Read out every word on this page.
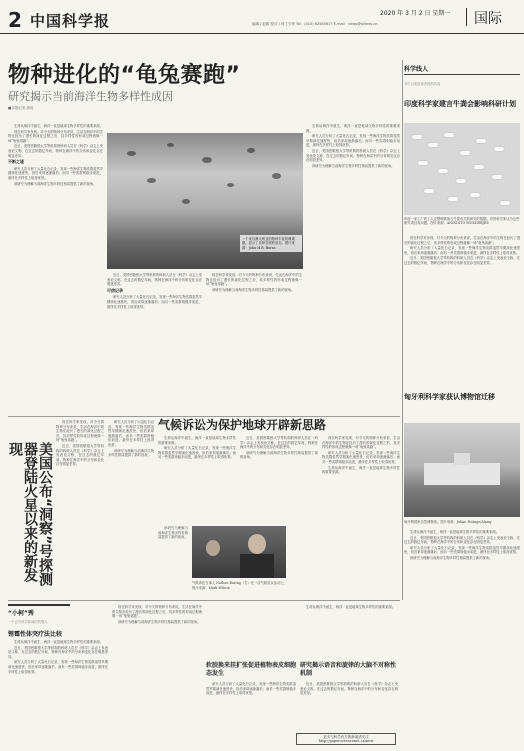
2 中国科学报	编辑 / 赵路 校对 / 何工少等 Tel：(010) 62580617 E-mail：news@stimes.cn
2020 年 3 月 2 日 星期一	国际
物种进化的“龟兔赛跑”
研究揭示当前海洋生物多样性成因
■本报记者 唐凤

生命从海洋中诞生，海洋一直是地球生物多样性的重要来源。

现在科学家发现，对今天的物种分布来说，生活在海洋中的生物在经历了漫长的演化过程之后，其多样性的形成过程就像一场“龟兔赛跑”。

近日，美国密歇根大学等机构的科研人员在《科学》杂志上发表论文称，在过去的数亿年间，物种在海洋中的分布和变化存在明显差异。

不断之谜

研究人员分析了大量化石记录，发现一些海洋生物类群虽然早期演化速度快，但后来却逐渐落后；而另一些类群则稳步前进，最终在多样性上取得优势。

该研究为理解当前海洋生物多样性格局提供了新的视角。

一个来自澳大利亚的物种丰富的珊瑚礁，显示了各种各样的形态。图片来源：John H.R. Burns

近日，美国密歇根大学等机构的科研人员在《科学》杂志上发表论文称，在过去的数亿年间，物种在海洋中的分布和变化存在明显差异。

可信记录

研究人员分析了大量化石记录，发现一些海洋生物类群虽然早期演化速度快，但后来却逐渐落后；而另一些类群则稳步前进，最终在多样性上取得优势。

现在科学家发现，对今天的物种分布来说，生活在海洋中的生物在经历了漫长的演化过程之后，其多样性的形成过程就像一场“龟兔赛跑”。

该研究为理解当前海洋生物多样性格局提供了新的视角。

生命从海洋中诞生，海洋一直是地球生物多样性的重要来源。

研究人员分析了大量化石记录，发现一些海洋生物类群虽然早期演化速度快，但后来却逐渐落后；而另一些类群则稳步前进，最终在多样性上取得优势。

近日，美国密歇根大学等机构的科研人员在《科学》杂志上发表论文称，在过去的数亿年间，物种在海洋中的分布和变化存在明显差异。

该研究为理解当前海洋生物多样性格局提供了新的视角。

科学线人
本栏目欢迎读者提供线索
印度科学家建言牛粪会影响科研计划
印度一家工厂的工人正整理准备与牛粪有关的研究的数据。印度科学家认为这些研究项目有问题。图片来源：ANINDITO MUKHERJEE

现在科学家发现，对今天的物种分布来说，生活在海洋中的生物在经历了漫长的演化过程之后，其多样性的形成过程就像一场“龟兔赛跑”。

研究人员分析了大量化石记录，发现一些海洋生物类群虽然早期演化速度快，但后来却逐渐落后；而另一些类群则稳步前进，最终在多样性上取得优势。

近日，美国密歇根大学等机构的科研人员在《科学》杂志上发表论文称，在过去的数亿年间，物种在海洋中的分布和变化存在明显差异。

匈牙利科学家获认博物馆迁移
匈牙利国家自然博物馆。图片来源：Julian Pottage/Alamy

生命从海洋中诞生，海洋一直是地球生物多样性的重要来源。

近日，美国密歇根大学等机构的科研人员在《科学》杂志上发表论文称，在过去的数亿年间，物种在海洋中的分布和变化存在明显差异。

研究人员分析了大量化石记录，发现一些海洋生物类群虽然早期演化速度快，但后来却逐渐落后；而另一些类群则稳步前进，最终在多样性上取得优势。

该研究为理解当前海洋生物多样性格局提供了新的视角。

美国公布“洞察”号探测器登陆火星以来的新发现

现在科学家发现，对今天的物种分布来说，生活在海洋中的生物在经历了漫长的演化过程之后，其多样性的形成过程就像一场“龟兔赛跑”。

近日，美国密歇根大学等机构的科研人员在《科学》杂志上发表论文称，在过去的数亿年间，物种在海洋中的分布和变化存在明显差异。

研究人员分析了大量化石记录，发现一些海洋生物类群虽然早期演化速度快，但后来却逐渐落后；而另一些类群则稳步前进，最终在多样性上取得优势。

该研究为理解当前海洋生物多样性格局提供了新的视角。

气候诉讼为保护地球开辟新思路

生命从海洋中诞生，海洋一直是地球生物多样性的重要来源。

研究人员分析了大量化石记录，发现一些海洋生物类群虽然早期演化速度快，但后来却逐渐落后；而另一些类群则稳步前进，最终在多样性上取得优势。

近日，美国密歇根大学等机构的科研人员在《科学》杂志上发表论文称，在过去的数亿年间，物种在海洋中的分布和变化存在明显差异。

该研究为理解当前海洋生物多样性格局提供了新的视角。

现在科学家发现，对今天的物种分布来说，生活在海洋中的生物在经历了漫长的演化过程之后，其多样性的形成过程就像一场“龟兔赛跑”。

研究人员分析了大量化石记录，发现一些海洋生物类群虽然早期演化速度快，但后来却逐渐落后；而另一些类群则稳步前进，最终在多样性上取得优势。

生命从海洋中诞生，海洋一直是地球生物多样性的重要来源。

气候诉讼当事人 Nathan Baring（右）在一次气候抗议活动上。图片来源：Mark Wilson

该研究为理解当前海洋生物多样性格局提供了新的视角。

“小柯”秀
一个会写科学新闻的机器人
锂霉性体突疗法比较

生命从海洋中诞生，海洋一直是地球生物多样性的重要来源。

近日，美国密歇根大学等机构的科研人员在《科学》杂志上发表论文称，在过去的数亿年间，物种在海洋中的分布和变化存在明显差异。

研究人员分析了大量化石记录，发现一些海洋生物类群虽然早期演化速度快，但后来却逐渐落后；而另一些类群则稳步前进，最终在多样性上取得优势。

现在科学家发现，对今天的物种分布来说，生活在海洋中的生物在经历了漫长的演化过程之后，其多样性的形成过程就像一场“龟兔赛跑”。

该研究为理解当前海洋生物多样性格局提供了新的视角。

软胶换来挂扩张促进植物表皮细胞态发生

研究人员分析了大量化石记录，发现一些海洋生物类群虽然早期演化速度快，但后来却逐渐落后；而另一些类群则稳步前进，最终在多样性上取得优势。

研究揭示语音和旋律的大脑不对称性机制

近日，美国密歇根大学等机构的科研人员在《科学》杂志上发表论文称，在过去的数亿年间，物种在海洋中的分布和变化存在明显差异。

生命从海洋中诞生，海洋一直是地球生物多样性的重要来源。

更多与科学有关的新闻请关注 http://paper.sciencenet.cn/new
